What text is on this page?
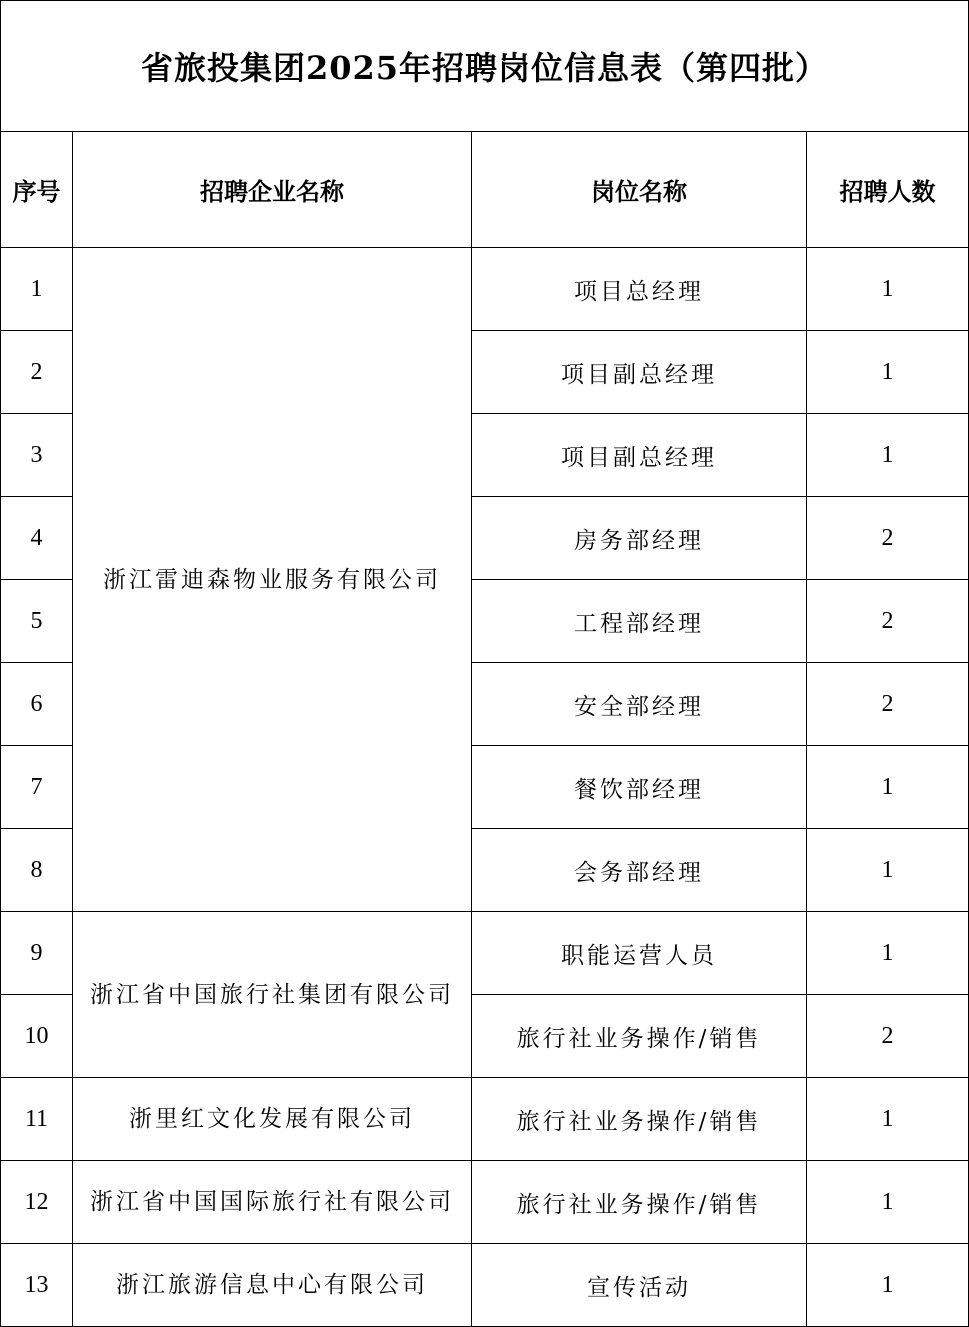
省旅投集团2025年招聘岗位信息表（第四批）			
序号	招聘企业名称	岗位名称	招聘人数
1	浙江雷迪森物业服务有限公司	项目总经理	1
2		项目副总经理	1
3		项目副总经理	1
4		房务部经理	2
5		工程部经理	2
6		安全部经理	2
7		餐饮部经理	1
8		会务部经理	1
9	浙江省中国旅行社集团有限公司	职能运营人员	1
10		旅行社业务操作/销售	2
11	浙里红文化发展有限公司	旅行社业务操作/销售	1
12	浙江省中国国际旅行社有限公司	旅行社业务操作/销售	1
13	浙江旅游信息中心有限公司	宣传活动	1
